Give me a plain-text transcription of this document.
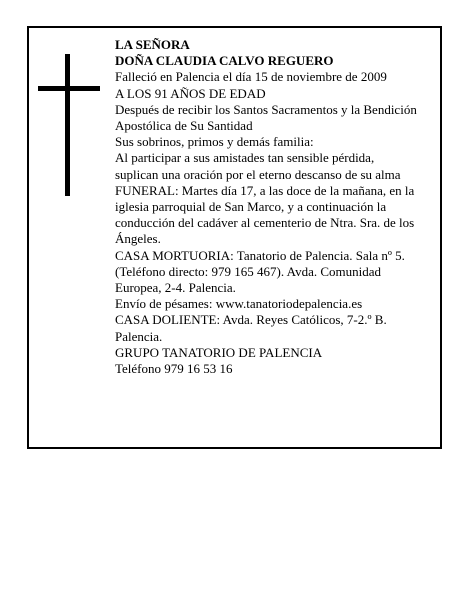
LA SEÑORA
DOÑA CLAUDIA CALVO REGUERO
Falleció en Palencia el día 15 de noviembre de 2009
A LOS 91 AÑOS DE EDAD
Después de recibir los Santos Sacramentos y la Bendición Apostólica de Su Santidad
Sus sobrinos, primos y demás familia:
Al participar a sus amistades tan sensible pérdida, suplican una oración por el eterno descanso de su alma
FUNERAL: Martes día 17, a las doce de la mañana, en la iglesia parroquial de San Marco, y a continuación la conducción del cadáver al cementerio de Ntra. Sra. de los Ángeles.
CASA MORTUORIA: Tanatorio de Palencia. Sala nº 5. (Teléfono directo: 979 165 467). Avda. Comunidad Europea, 2-4. Palencia.
Envío de pésames: www.tanatoriodepalencia.es
CASA DOLIENTE: Avda. Reyes Católicos, 7-2.º B. Palencia.
GRUPO TANATORIO DE PALENCIA
Teléfono 979 16 53 16
